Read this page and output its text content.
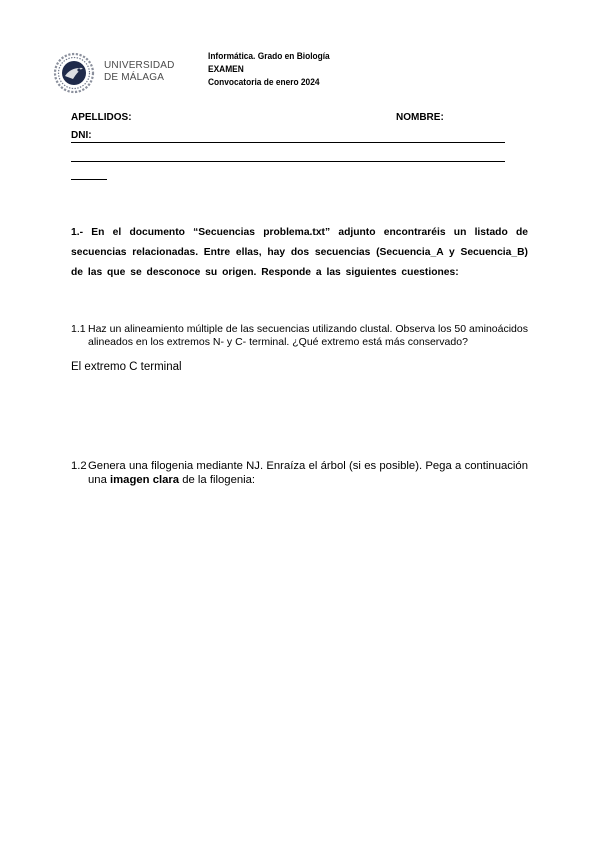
UNIVERSIDAD
DE MÁLAGA
Informática. Grado en Biología
EXAMEN
Convocatoria de enero 2024
APELLIDOS:	NOMBRE:
DNI:
1.- En el documento “Secuencias problema.txt” adjunto encontraréis un listado de secuencias relacionadas. Entre ellas, hay dos secuencias (Secuencia_A y Secuencia_B) de las que se desconoce su origen. Responde a las siguientes cuestiones:
1.1 Haz un alineamiento múltiple de las secuencias utilizando clustal. Observa los 50 aminoácidos alineados en los extremos N- y C- terminal. ¿Qué extremo está más conservado?
El extremo C terminal
1.2 Genera una filogenia mediante NJ. Enraíza el árbol (si es posible). Pega a continuación una imagen clara de la filogenia:
